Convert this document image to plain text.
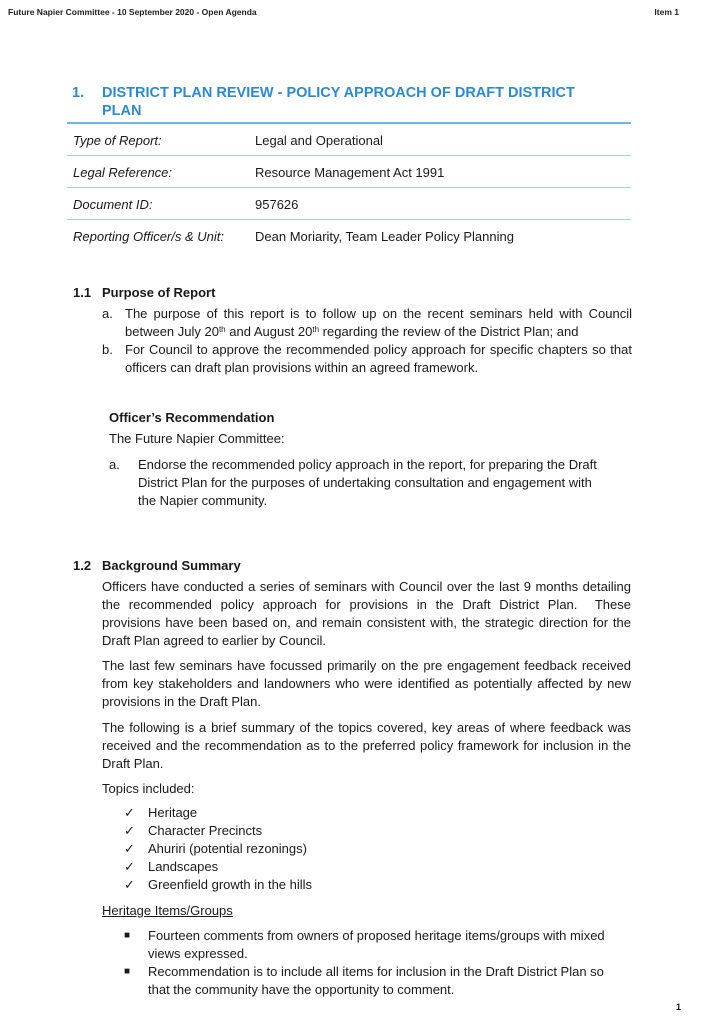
Future Napier Committee - 10 September 2020 - Open Agenda	Item 1
1. DISTRICT PLAN REVIEW - POLICY APPROACH OF DRAFT DISTRICT
PLAN
Type of Report:	Legal and Operational
Legal Reference:	Resource Management Act 1991
Document ID:	957626
Reporting Officer/s & Unit: Dean Moriarity, Team Leader Policy Planning
1.1 Purpose of Report
a. The purpose of this report is to follow up on the recent seminars held with Council
between July 20th and August 20th regarding the review of the District Plan; and
b. For Council to approve the recommended policy approach for specific chapters so that
officers can draft plan provisions within an agreed framework.
Officer’s Recommendation
The Future Napier Committee:
a. Endorse the recommended policy approach in the report, for preparing the Draft
District Plan for the purposes of undertaking consultation and engagement with
the Napier community.
1.2 Background Summary
Officers have conducted a series of seminars with Council over the last 9 months detailing the recommended policy approach for provisions in the Draft District Plan.  These provisions have been based on, and remain consistent with, the strategic direction for the Draft Plan agreed to earlier by Council.
The last few seminars have focussed primarily on the pre engagement feedback received from key stakeholders and landowners who were identified as potentially affected by new provisions in the Draft Plan.
The following is a brief summary of the topics covered, key areas of where feedback was received and the recommendation as to the preferred policy framework for inclusion in the Draft Plan.
Topics included:
✓ Heritage
✓ Character Precincts
✓ Ahuriri (potential rezonings)
✓ Landscapes
✓ Greenfield growth in the hills
Heritage Items/Groups
■ Fourteen comments from owners of proposed heritage items/groups with mixed
views expressed.
■ Recommendation is to include all items for inclusion in the Draft District Plan so
that the community have the opportunity to comment.
1
